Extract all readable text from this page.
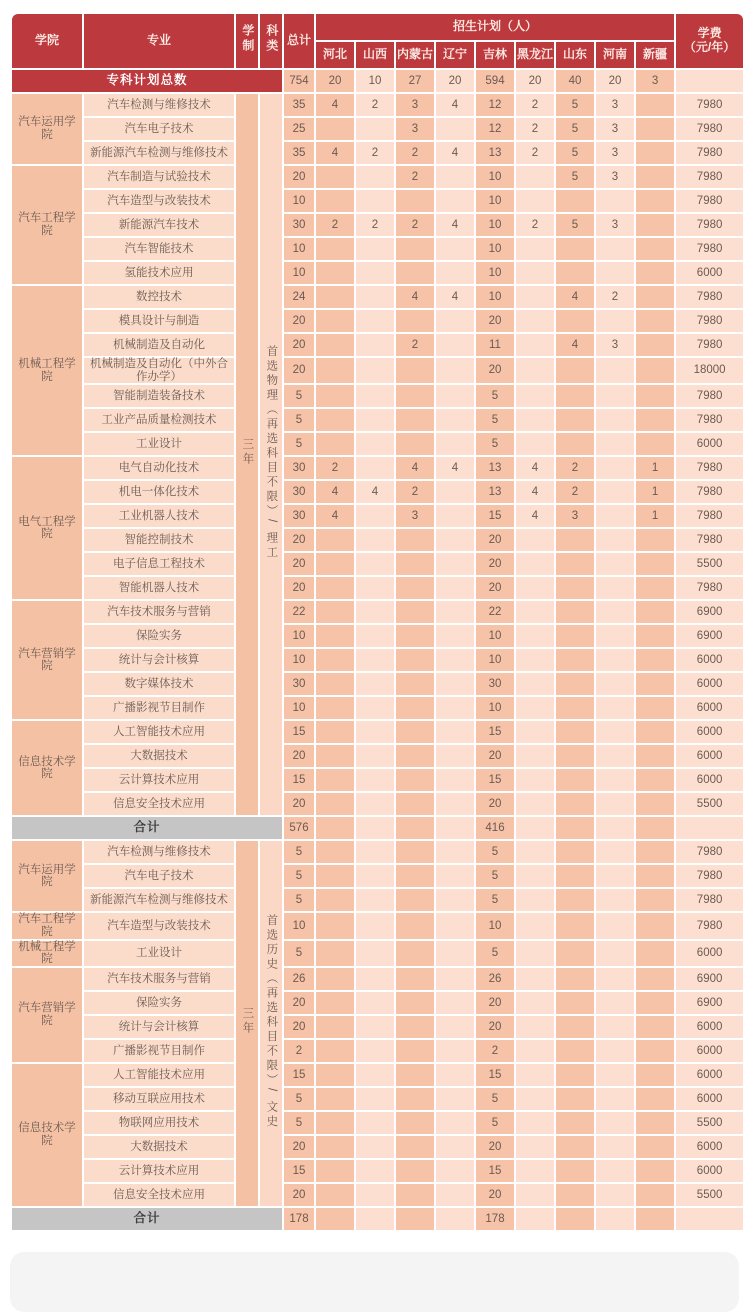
学院	专业	学制	科类	总计	招生计划（人）									学费
（元/年）

					河北	山西	内蒙古	辽宁	吉林	黑龙江	山东	河南	新疆	
专科计划总数				754	20	10	27	20	594	20	40	20	3	
汽车运用学院	汽车检测与维修技术	三年	首选物理（再选科目不限）/ 理工	35	4	2	3	4	12	2	5	3		7980
	汽车电子技术			25			3		12	2	5	3		7980
	新能源汽车检测与维修技术			35	4	2	2	4	13	2	5	3		7980
汽车工程学院	汽车制造与试验技术			20			2		10		5	3		7980
	汽车造型与改装技术			10					10					7980
	新能源汽车技术			30	2	2	2	4	10	2	5	3		7980
	汽车智能技术			10					10					7980
	氢能技术应用			10					10					6000
机械工程学院	数控技术			24			4	4	10		4	2		7980
	模具设计与制造			20					20					7980
	机械制造及自动化			20			2		11		4	3		7980
	机械制造及自动化（中外合作办学）			20					20					18000
	智能制造装备技术			5					5					7980
	工业产品质量检测技术			5					5					7980
	工业设计			5					5					6000
电气工程学院	电气自动化技术			30	2		4	4	13	4	2		1	7980
	机电一体化技术			30	4	4	2		13	4	2		1	7980
	工业机器人技术			30	4		3		15	4	3		1	7980
	智能控制技术			20					20					7980
	电子信息工程技术			20					20					5500
	智能机器人技术			20					20					7980
汽车营销学院	汽车技术服务与营销			22					22					6900
	保险实务			10					10					6900
	统计与会计核算			10					10					6000
	数字媒体技术			30					30					6000
	广播影视节目制作			10					10					6000
信息技术学院	人工智能技术应用			15					15					6000
	大数据技术			20					20					6000
	云计算技术应用			15					15					6000
	信息安全技术应用			20					20					5500
合计				576					416					
汽车运用学院	汽车检测与维修技术	三年	首选历史（再选科目不限）/ 文史	5					5					7980
	汽车电子技术			5					5					7980
	新能源汽车检测与维修技术			5					5					7980
汽车工程学院	汽车造型与改装技术			10					10					7980
机械工程学院	工业设计			5					5					6000
汽车营销学院	汽车技术服务与营销			26					26					6900
	保险实务			20					20					6900
	统计与会计核算			20					20					6000
	广播影视节目制作			2					2					6000
信息技术学院	人工智能技术应用			15					15					6000
	移动互联应用技术			5					5					6000
	物联网应用技术			5					5					5500
	大数据技术			20					20					6000
	云计算技术应用			15					15					6000
	信息安全技术应用			20					20					5500
合计				178					178					
